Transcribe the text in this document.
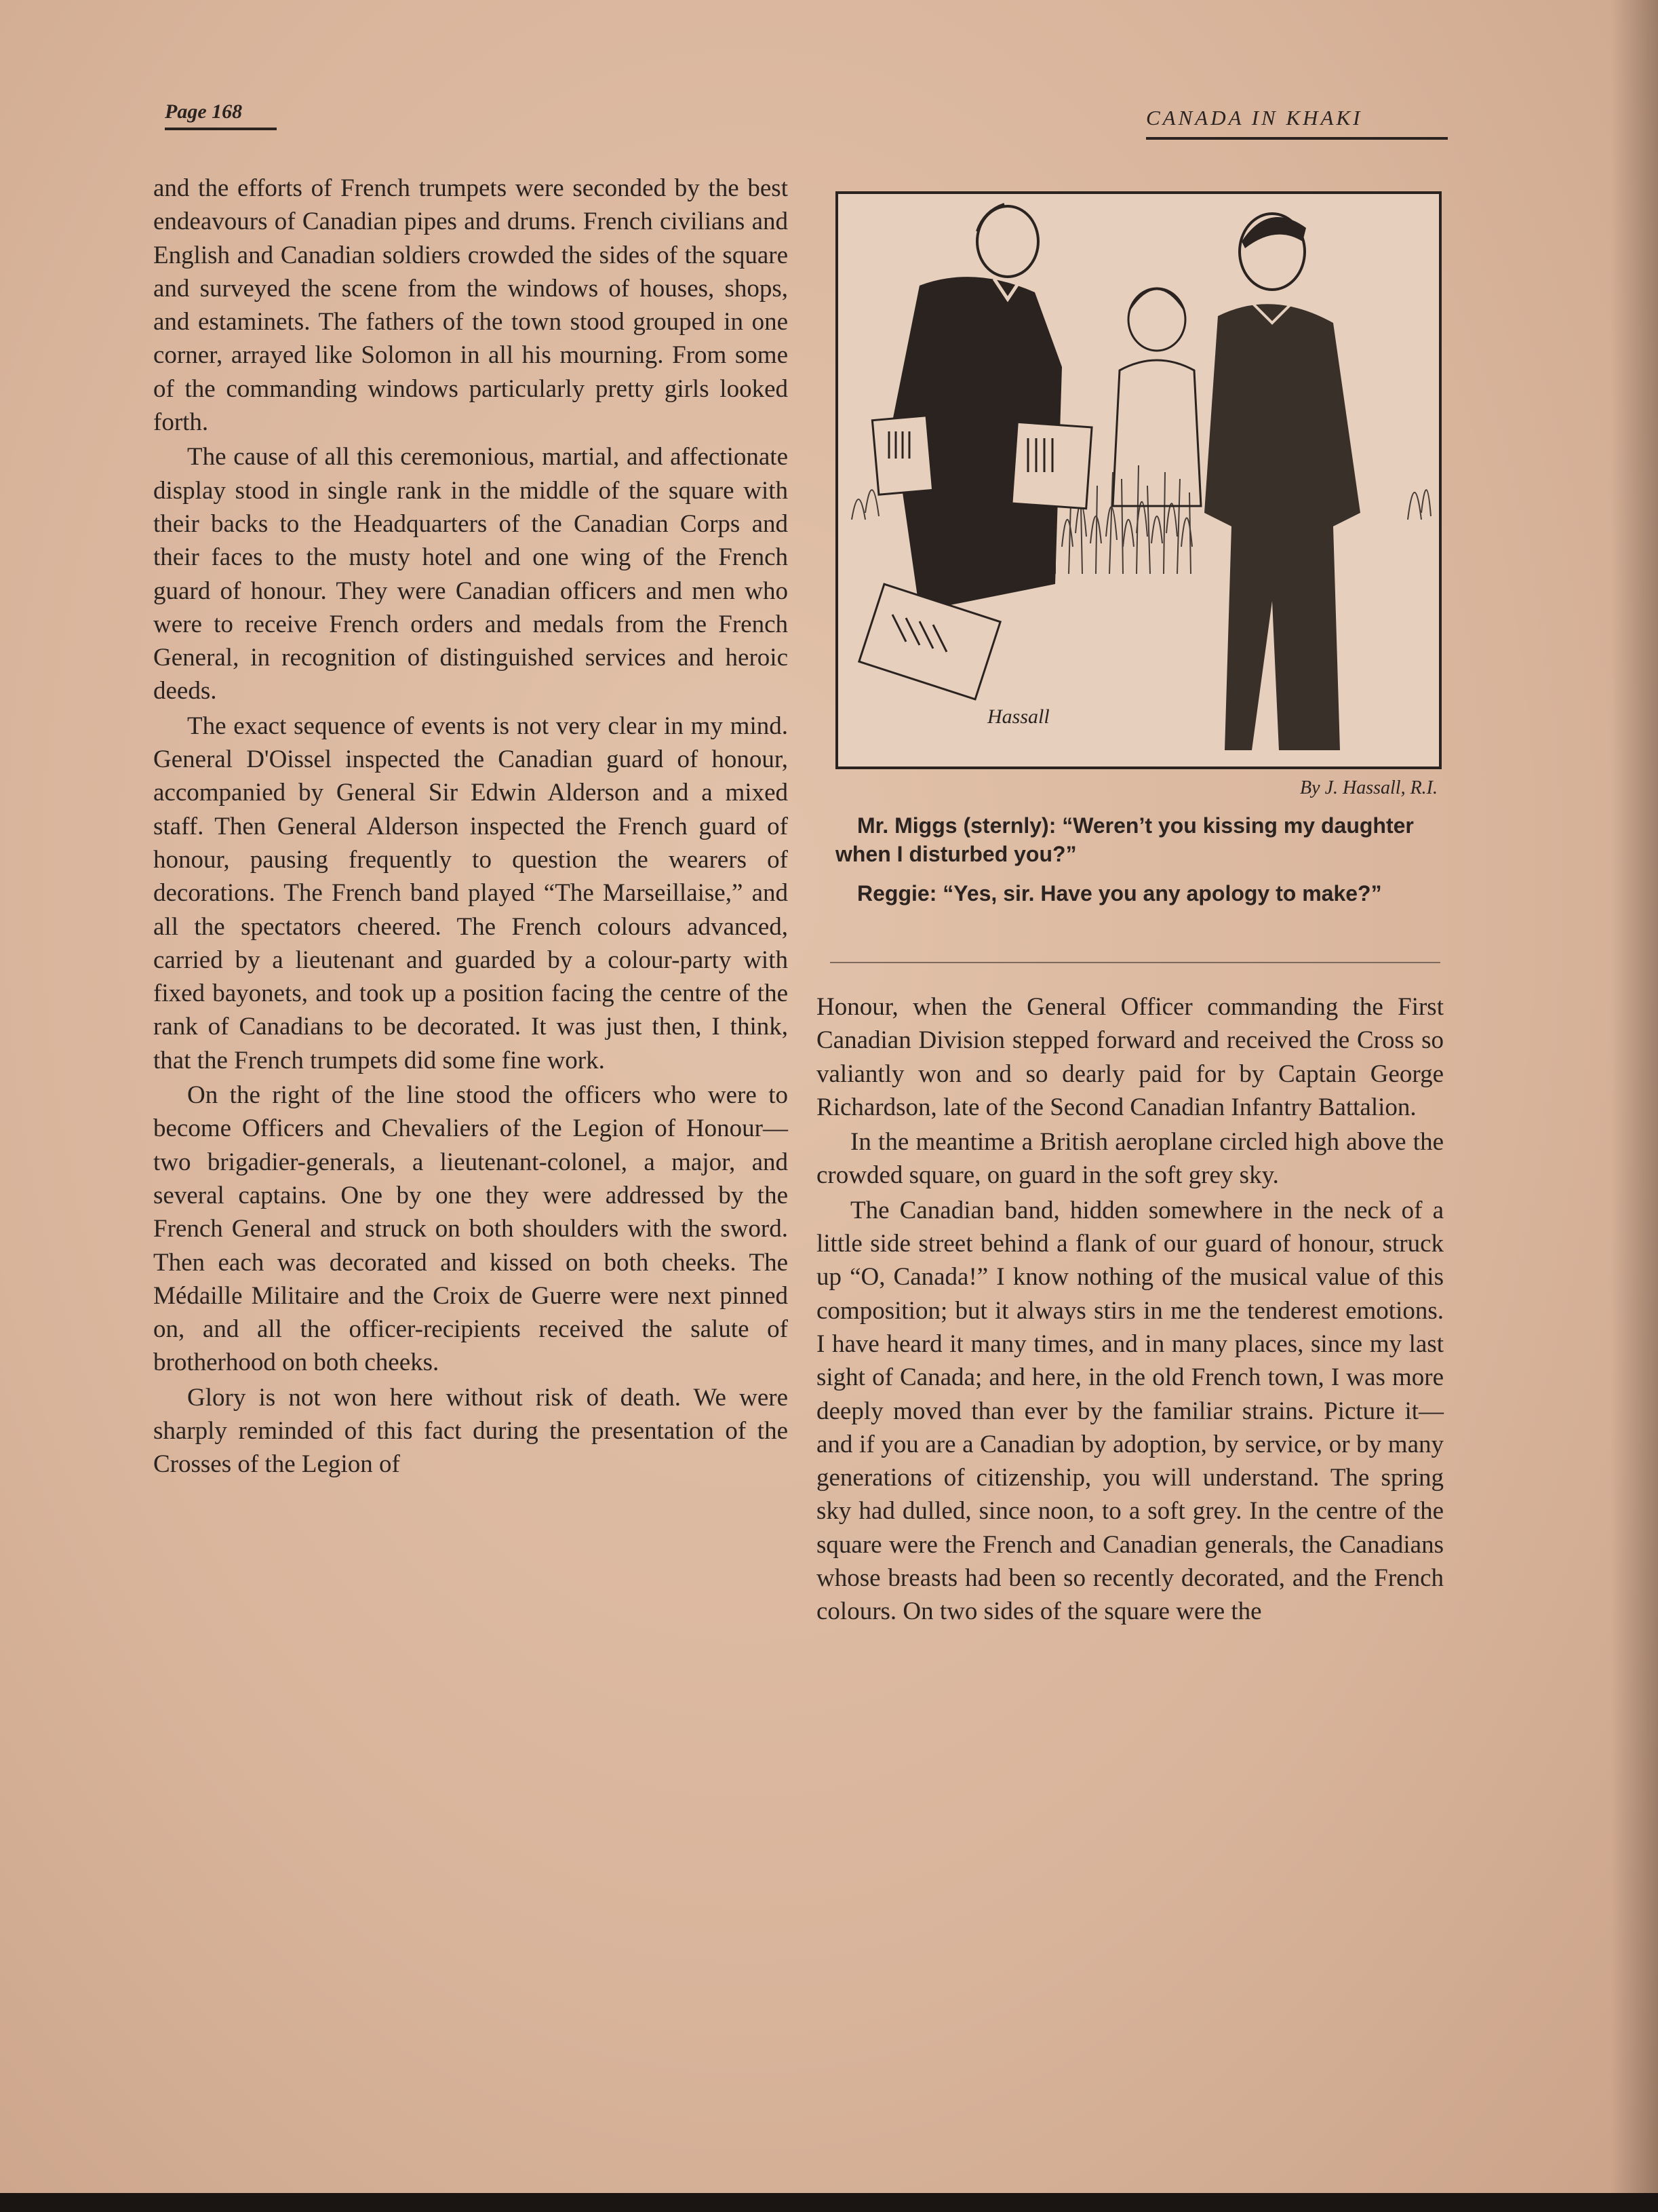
Page 168	CANADA IN KHAKI

and the efforts of French trumpets were seconded by the best endeavours of Canadian pipes and drums. French civilians and English and Canadian soldiers crowded the sides of the square and surveyed the scene from the windows of houses, shops, and estaminets. The fathers of the town stood grouped in one corner, arrayed like Solomon in all his mourning. From some of the commanding windows particularly pretty girls looked forth.

The cause of all this ceremonious, martial, and affectionate display stood in single rank in the middle of the square with their backs to the Headquarters of the Canadian Corps and their faces to the musty hotel and one wing of the French guard of honour. They were Canadian officers and men who were to receive French orders and medals from the French General, in recognition of distinguished services and heroic deeds.

The exact sequence of events is not very clear in my mind. General D'Oissel inspected the Canadian guard of honour, accompanied by General Sir Edwin Alderson and a mixed staff. Then General Alderson inspected the French guard of honour, pausing frequently to question the wearers of decorations. The French band played “The Marseillaise,” and all the spectators cheered. The French colours advanced, carried by a lieutenant and guarded by a colour-party with fixed bayonets, and took up a position facing the centre of the rank of Canadians to be decorated. It was just then, I think, that the French trumpets did some fine work.

On the right of the line stood the officers who were to become Officers and Chevaliers of the Legion of Honour—two brigadier-generals, a lieutenant-colonel, a major, and several captains. One by one they were addressed by the French General and struck on both shoulders with the sword. Then each was decorated and kissed on both cheeks. The Médaille Militaire and the Croix de Guerre were next pinned on, and all the officer-recipients received the salute of brotherhood on both cheeks.

Glory is not won here without risk of death. We were sharply reminded of this fact during the presentation of the Crosses of the Legion of

Hassall
By J. Hassall, R.I.

Mr. Miggs (sternly): “Weren’t you kissing my daughter when I disturbed you?”

Reggie: “Yes, sir. Have you any apology to make?”

Honour, when the General Officer commanding the First Canadian Division stepped forward and received the Cross so valiantly won and so dearly paid for by Captain George Richardson, late of the Second Canadian Infantry Battalion.

In the meantime a British aeroplane circled high above the crowded square, on guard in the soft grey sky.

The Canadian band, hidden somewhere in the neck of a little side street behind a flank of our guard of honour, struck up “O, Canada!” I know nothing of the musical value of this composition; but it always stirs in me the tenderest emotions. I have heard it many times, and in many places, since my last sight of Canada; and here, in the old French town, I was more deeply moved than ever by the familiar strains. Picture it—and if you are a Canadian by adoption, by service, or by many generations of citizenship, you will understand. The spring sky had dulled, since noon, to a soft grey. In the centre of the square were the French and Canadian generals, the Canadians whose breasts had been so recently decorated, and the French colours. On two sides of the square were the
